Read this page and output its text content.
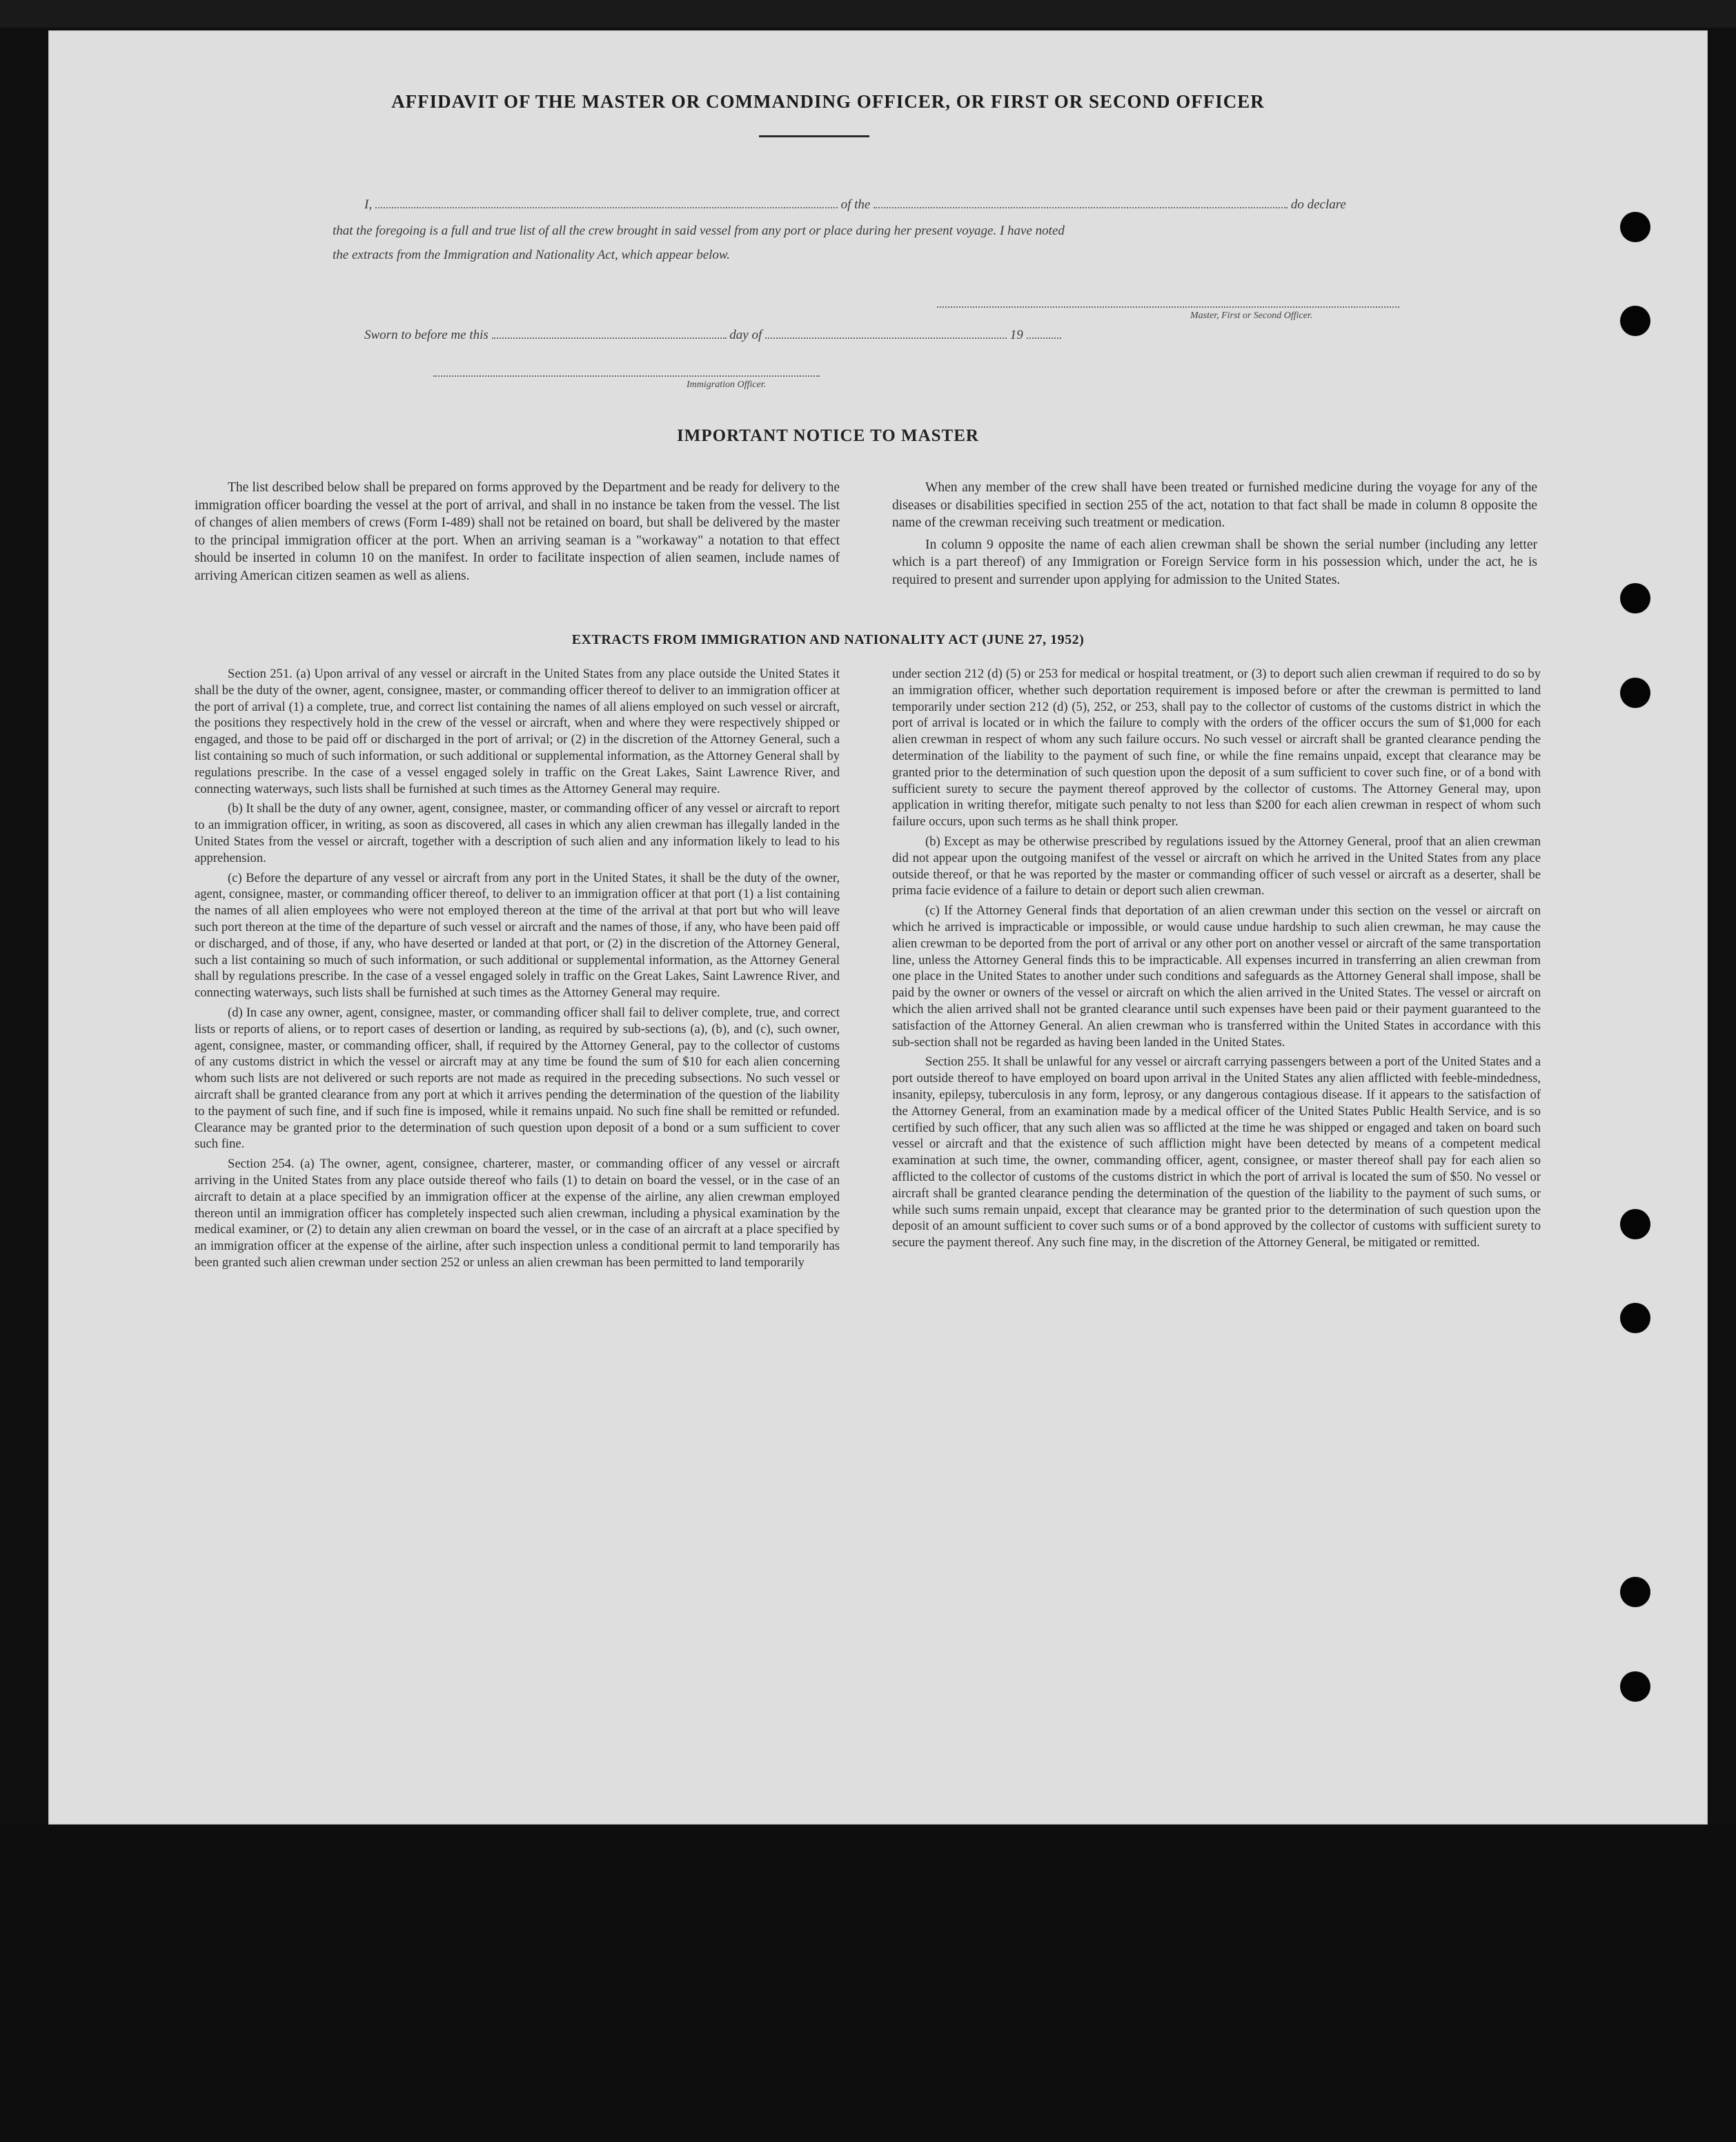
AFFIDAVIT OF THE MASTER OR COMMANDING OFFICER, OR FIRST OR SECOND OFFICER
I,	of the	do declare
that the foregoing is a full and true list of all the crew brought in said vessel from any port or place during her present voyage. I have noted
the extracts from the Immigration and Nationality Act, which appear below.
Master, First or Second Officer.
Sworn to before me this	day of	19
Immigration Officer.
IMPORTANT NOTICE TO MASTER

The list described below shall be prepared on forms approved by the Department and be ready for delivery to the immigration officer boarding the vessel at the port of arrival, and shall in no instance be taken from the vessel. The list of changes of alien members of crews (Form I-489) shall not be retained on board, but shall be delivered by the master to the principal immigration officer at the port. When an arriving seaman is a "workaway" a notation to that effect should be inserted in column 10 on the manifest. In order to facilitate inspection of alien seamen, include names of arriving American citizen seamen as well as aliens.

When any member of the crew shall have been treated or furnished medicine during the voyage for any of the diseases or disabilities specified in section 255 of the act, notation to that fact shall be made in column 8 opposite the name of the crewman receiving such treatment or medication.

In column 9 opposite the name of each alien crewman shall be shown the serial number (including any letter which is a part thereof) of any Immigration or Foreign Service form in his possession which, under the act, he is required to present and surrender upon applying for admission to the United States.

EXTRACTS FROM IMMIGRATION AND NATIONALITY ACT (JUNE 27, 1952)

Section 251. (a) Upon arrival of any vessel or aircraft in the United States from any place outside the United States it shall be the duty of the owner, agent, consignee, master, or commanding officer thereof to deliver to an immigration officer at the port of arrival (1) a complete, true, and correct list containing the names of all aliens employed on such vessel or aircraft, the positions they respectively hold in the crew of the vessel or aircraft, when and where they were respectively shipped or engaged, and those to be paid off or discharged in the port of arrival; or (2) in the discretion of the Attorney General, such a list containing so much of such information, or such additional or supplemental information, as the Attorney General shall by regulations prescribe. In the case of a vessel engaged solely in traffic on the Great Lakes, Saint Lawrence River, and connecting waterways, such lists shall be furnished at such times as the Attorney General may require.

(b) It shall be the duty of any owner, agent, consignee, master, or commanding officer of any vessel or aircraft to report to an immigration officer, in writing, as soon as discovered, all cases in which any alien crewman has illegally landed in the United States from the vessel or aircraft, together with a description of such alien and any information likely to lead to his apprehension.

(c) Before the departure of any vessel or aircraft from any port in the United States, it shall be the duty of the owner, agent, consignee, master, or commanding officer thereof, to deliver to an immigration officer at that port (1) a list containing the names of all alien employees who were not employed thereon at the time of the arrival at that port but who will leave such port thereon at the time of the departure of such vessel or aircraft and the names of those, if any, who have been paid off or discharged, and of those, if any, who have deserted or landed at that port, or (2) in the discretion of the Attorney General, such a list containing so much of such information, or such additional or supplemental information, as the Attorney General shall by regulations prescribe. In the case of a vessel engaged solely in traffic on the Great Lakes, Saint Lawrence River, and connecting waterways, such lists shall be furnished at such times as the Attorney General may require.

(d) In case any owner, agent, consignee, master, or commanding officer shall fail to deliver complete, true, and correct lists or reports of aliens, or to report cases of desertion or landing, as required by sub-sections (a), (b), and (c), such owner, agent, consignee, master, or commanding officer, shall, if required by the Attorney General, pay to the collector of customs of any customs district in which the vessel or aircraft may at any time be found the sum of $10 for each alien concerning whom such lists are not delivered or such reports are not made as required in the preceding subsections. No such vessel or aircraft shall be granted clearance from any port at which it arrives pending the determination of the question of the liability to the payment of such fine, and if such fine is imposed, while it remains unpaid. No such fine shall be remitted or refunded. Clearance may be granted prior to the determination of such question upon deposit of a bond or a sum sufficient to cover such fine.

Section 254. (a) The owner, agent, consignee, charterer, master, or commanding officer of any vessel or aircraft arriving in the United States from any place outside thereof who fails (1) to detain on board the vessel, or in the case of an aircraft to detain at a place specified by an immigration officer at the expense of the airline, any alien crewman employed thereon until an immigration officer has completely inspected such alien crewman, including a physical examination by the medical examiner, or (2) to detain any alien crewman on board the vessel, or in the case of an aircraft at a place specified by an immigration officer at the expense of the airline, after such inspection unless a conditional permit to land temporarily has been granted such alien crewman under section 252 or unless an alien crewman has been permitted to land temporarily

under section 212 (d) (5) or 253 for medical or hospital treatment, or (3) to deport such alien crewman if required to do so by an immigration officer, whether such deportation requirement is imposed before or after the crewman is permitted to land temporarily under section 212 (d) (5), 252, or 253, shall pay to the collector of customs of the customs district in which the port of arrival is located or in which the failure to comply with the orders of the officer occurs the sum of $1,000 for each alien crewman in respect of whom any such failure occurs. No such vessel or aircraft shall be granted clearance pending the determination of the liability to the payment of such fine, or while the fine remains unpaid, except that clearance may be granted prior to the determination of such question upon the deposit of a sum sufficient to cover such fine, or of a bond with sufficient surety to secure the payment thereof approved by the collector of customs. The Attorney General may, upon application in writing therefor, mitigate such penalty to not less than $200 for each alien crewman in respect of whom such failure occurs, upon such terms as he shall think proper.

(b) Except as may be otherwise prescribed by regulations issued by the Attorney General, proof that an alien crewman did not appear upon the outgoing manifest of the vessel or aircraft on which he arrived in the United States from any place outside thereof, or that he was reported by the master or commanding officer of such vessel or aircraft as a deserter, shall be prima facie evidence of a failure to detain or deport such alien crewman.

(c) If the Attorney General finds that deportation of an alien crewman under this section on the vessel or aircraft on which he arrived is impracticable or impossible, or would cause undue hardship to such alien crewman, he may cause the alien crewman to be deported from the port of arrival or any other port on another vessel or aircraft of the same transportation line, unless the Attorney General finds this to be impracticable. All expenses incurred in transferring an alien crewman from one place in the United States to another under such conditions and safeguards as the Attorney General shall impose, shall be paid by the owner or owners of the vessel or aircraft on which the alien arrived in the United States. The vessel or aircraft on which the alien arrived shall not be granted clearance until such expenses have been paid or their payment guaranteed to the satisfaction of the Attorney General. An alien crewman who is transferred within the United States in accordance with this sub-section shall not be regarded as having been landed in the United States.

Section 255. It shall be unlawful for any vessel or aircraft carrying passengers between a port of the United States and a port outside thereof to have employed on board upon arrival in the United States any alien afflicted with feeble-mindedness, insanity, epilepsy, tuberculosis in any form, leprosy, or any dangerous contagious disease. If it appears to the satisfaction of the Attorney General, from an examination made by a medical officer of the United States Public Health Service, and is so certified by such officer, that any such alien was so afflicted at the time he was shipped or engaged and taken on board such vessel or aircraft and that the existence of such affliction might have been detected by means of a competent medical examination at such time, the owner, commanding officer, agent, consignee, or master thereof shall pay for each alien so afflicted to the collector of customs of the customs district in which the port of arrival is located the sum of $50. No vessel or aircraft shall be granted clearance pending the determination of the question of the liability to the payment of such sums, or while such sums remain unpaid, except that clearance may be granted prior to the determination of such question upon the deposit of an amount sufficient to cover such sums or of a bond approved by the collector of customs with sufficient surety to secure the payment thereof. Any such fine may, in the discretion of the Attorney General, be mitigated or remitted.
